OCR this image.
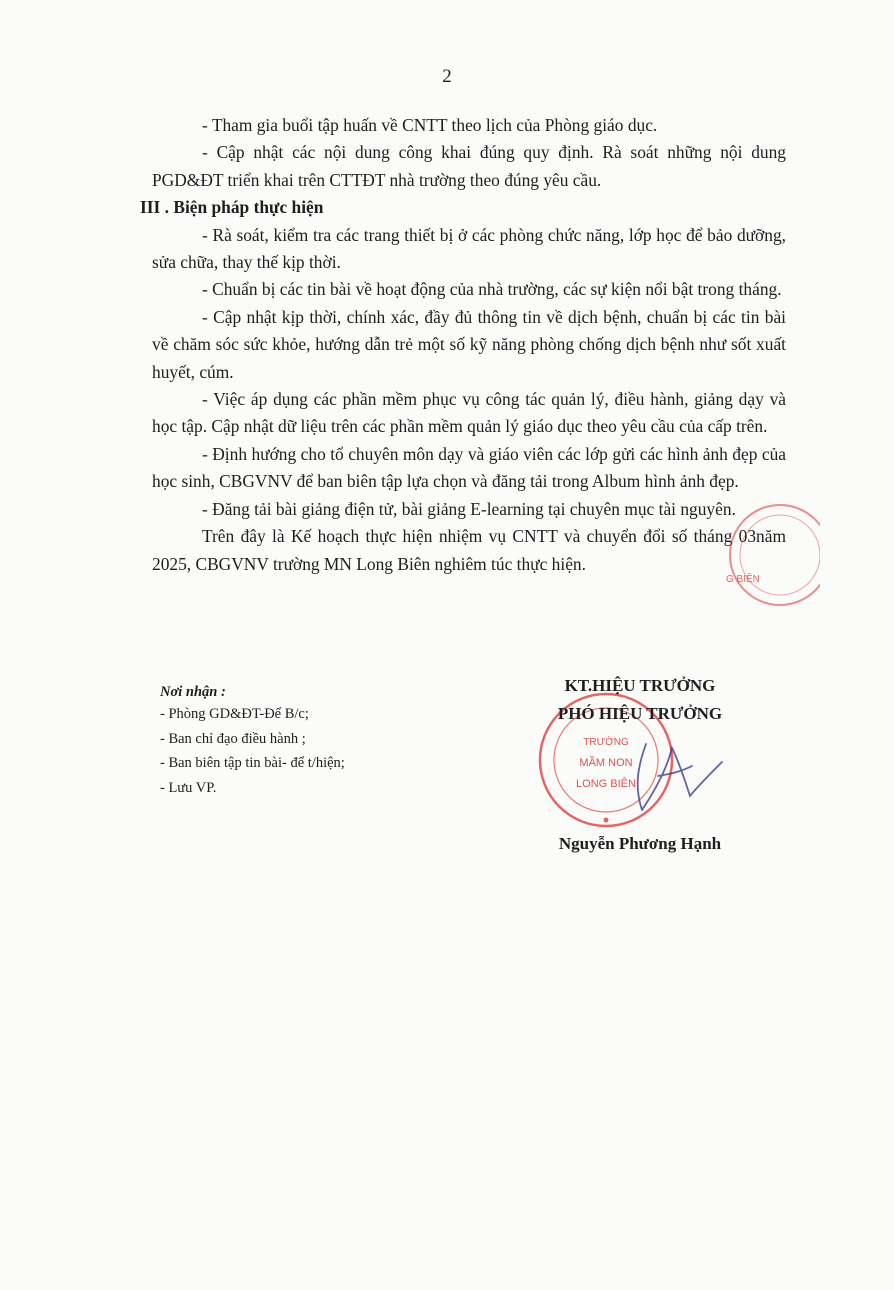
2

- Tham gia buổi tập huấn về CNTT theo lịch của Phòng giáo dục.

- Cập nhật các nội dung công khai đúng quy định. Rà soát những nội dung PGD&ĐT triển khai trên CTTĐT nhà trường theo đúng yêu cầu.

III . Biện pháp thực hiện

- Rà soát, kiểm tra các trang thiết bị ở các phòng chức năng, lớp học để bảo dưỡng, sửa chữa, thay thế kịp thời.

- Chuẩn bị các tin bài về hoạt động của nhà trường, các sự kiện nổi bật trong tháng.

- Cập nhật kịp thời, chính xác, đầy đủ thông tin về dịch bệnh, chuẩn bị các tin bài về chăm sóc sức khỏe, hướng dẫn trẻ một số kỹ năng phòng chống dịch bệnh như sốt xuất huyết, cúm.

- Việc áp dụng các phần mềm phục vụ công tác quản lý, điều hành, giảng dạy và học tập. Cập nhật dữ liệu trên các phần mềm quản lý giáo dục theo yêu cầu của cấp trên.

- Định hướng cho tổ chuyên môn dạy và giáo viên các lớp gửi các hình ảnh đẹp của học sinh, CBGVNV để ban biên tập lựa chọn và đăng tải trong Album hình ảnh đẹp.

- Đăng tải bài giảng điện tử, bài giảng E-learning tại chuyên mục tài nguyên.

Trên đây là Kế hoạch thực hiện nhiệm vụ CNTT và chuyển đổi số tháng 03năm 2025, CBGVNV trường MN Long Biên nghiêm túc thực hiện.

G BIÊN
Nơi nhận :
- Phòng GD&ĐT-Để B/c;
- Ban chỉ đạo điều hành ;
- Ban biên tập tin bài- để t/hiện;
- Lưu VP.
TRƯỜNG
MẦM NON
LONG BIÊN
KT.HIỆU TRƯỞNG
PHÓ HIỆU TRƯỞNG
Nguyễn Phương Hạnh
